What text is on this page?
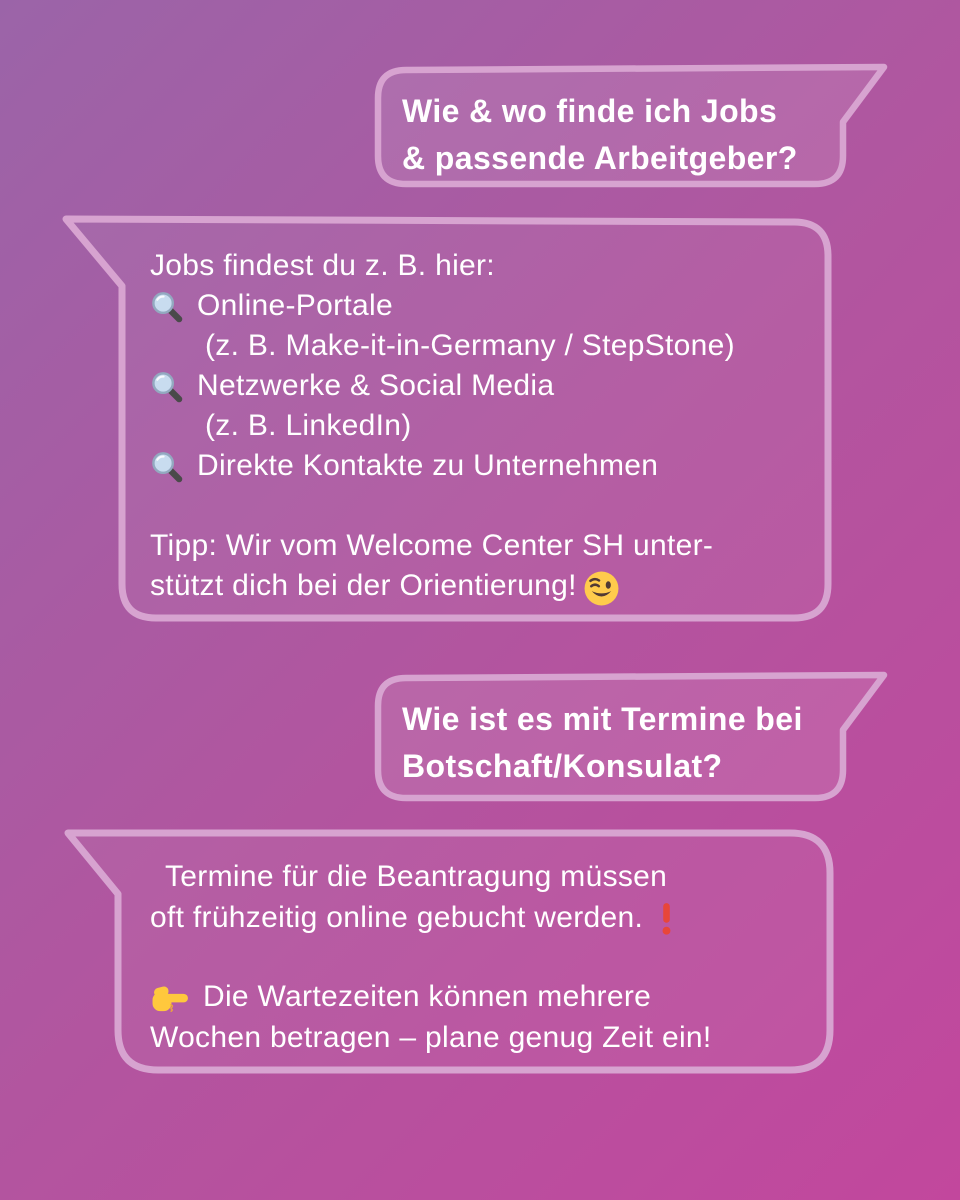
Wie & wo finde ich Jobs
& passende Arbeitgeber?
Jobs findest du z. B. hier:
Online-Portale
(z. B. Make-it-in-Germany / StepStone)
Netzwerke & Social Media
(z. B. LinkedIn)
Direkte Kontakte zu Unternehmen
Tipp: Wir vom Welcome Center SH unter-
stützt dich bei der Orientierung!
Wie ist es mit Termine bei
Botschaft/Konsulat?
Termine für die Beantragung müssen
oft frühzeitig online gebucht werden.
Die Wartezeiten können mehrere
Wochen betragen – plane genug Zeit ein!
